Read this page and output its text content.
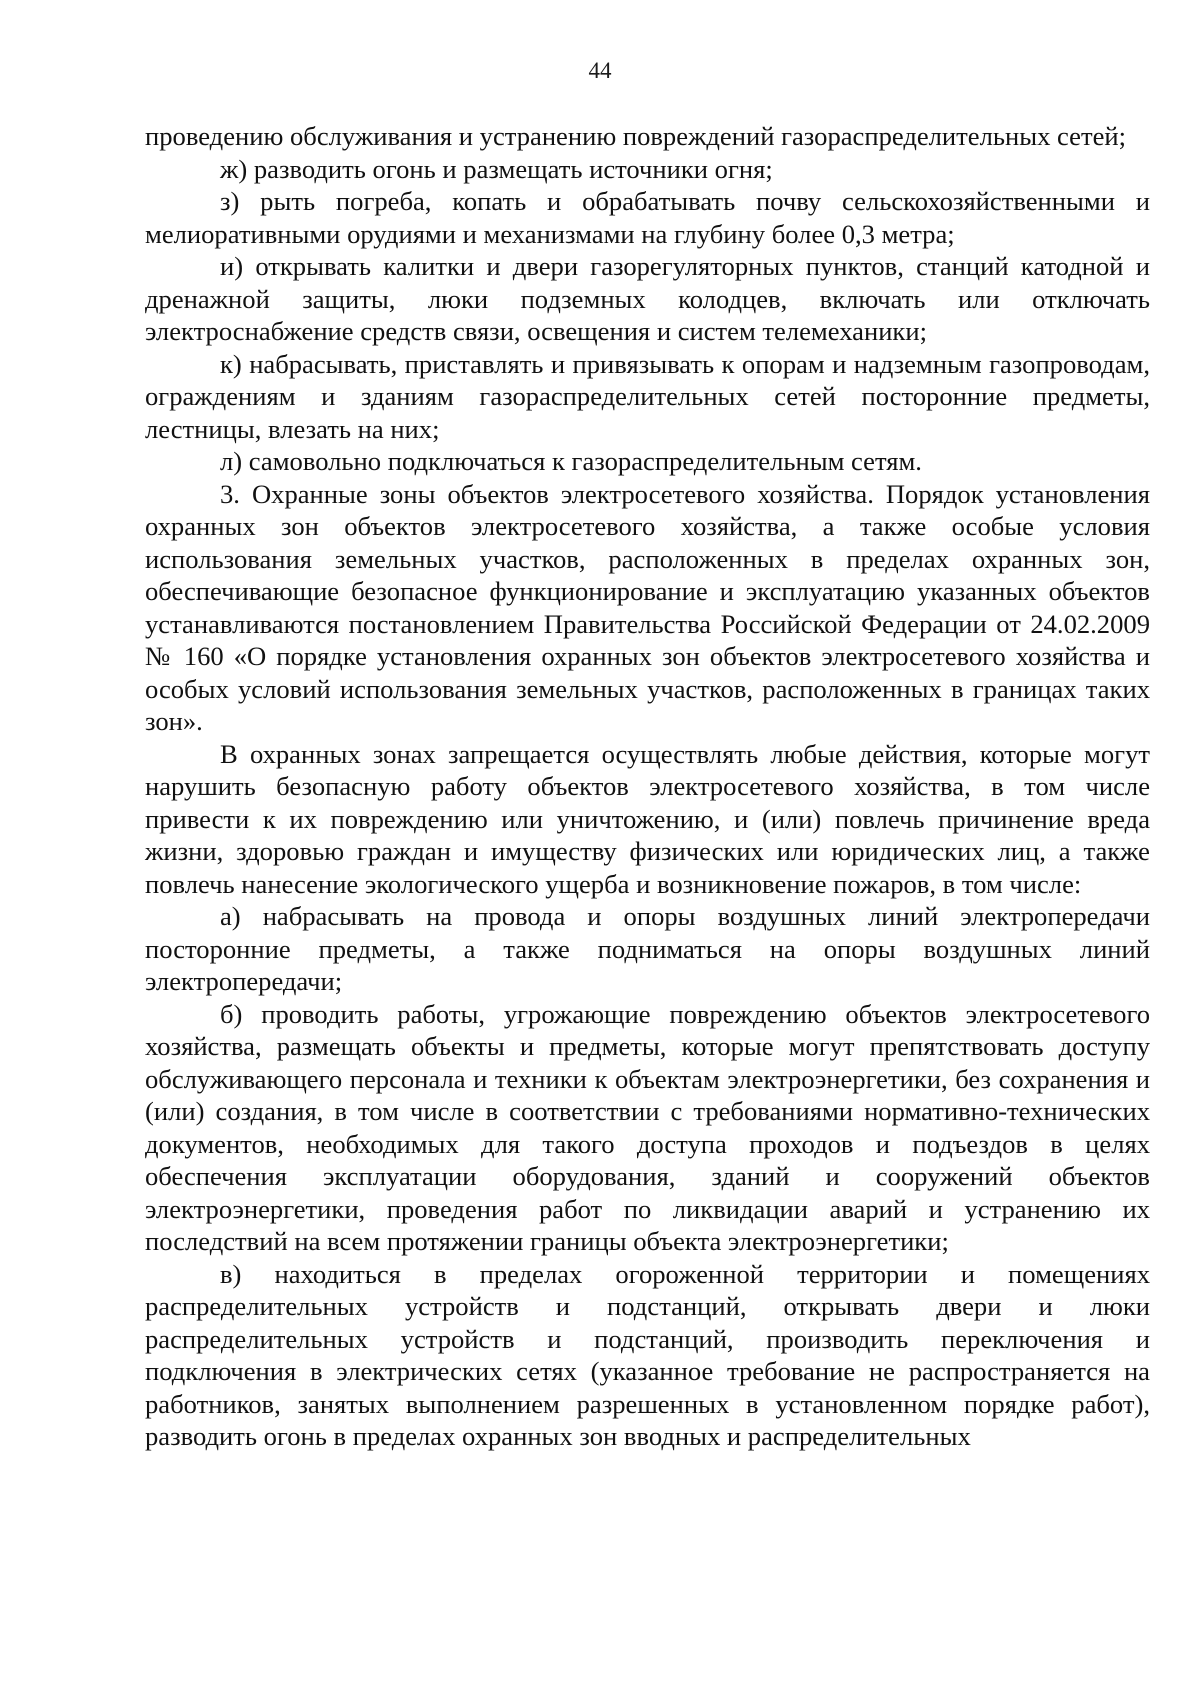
44

проведению обслуживания и устранению повреждений газораспределительных сетей;

ж) разводить огонь и размещать источники огня;

з) рыть погреба, копать и обрабатывать почву сельскохозяйственными и мелиоративными орудиями и механизмами на глубину более 0,3 метра;

и) открывать калитки и двери газорегуляторных пунктов, станций катодной и дренажной защиты, люки подземных колодцев, включать или отключать электроснабжение средств связи, освещения и систем телемеханики;

к) набрасывать, приставлять и привязывать к опорам и надземным газопроводам, ограждениям и зданиям газораспределительных сетей посторонние предметы, лестницы, влезать на них;

л) самовольно подключаться к газораспределительным сетям.

3. Охранные зоны объектов электросетевого хозяйства. Порядок установления охранных зон объектов электросетевого хозяйства, а также особые условия использования земельных участков, расположенных в пределах охранных зон, обеспечивающие безопасное функционирование и эксплуатацию указанных объектов устанавливаются постановлением Правительства Российской Федерации от 24.02.2009 № 160 «О порядке установления охранных зон объектов электросетевого хозяйства и особых условий использования земельных участков, расположенных в границах таких зон».

В охранных зонах запрещается осуществлять любые действия, которые могут нарушить безопасную работу объектов электросетевого хозяйства, в том числе привести к их повреждению или уничтожению, и (или) повлечь причинение вреда жизни, здоровью граждан и имуществу физических или юридических лиц, а также повлечь нанесение экологического ущерба и возникновение пожаров, в том числе:

а) набрасывать на провода и опоры воздушных линий электропередачи посторонние предметы, а также подниматься на опоры воздушных линий электропередачи;

б) проводить работы, угрожающие повреждению объектов электросетевого хозяйства, размещать объекты и предметы, которые могут препятствовать доступу обслуживающего персонала и техники к объектам электроэнергетики, без сохранения и (или) создания, в том числе в соответствии с требованиями нормативно-технических документов, необходимых для такого доступа проходов и подъездов в целях обеспечения эксплуатации оборудования, зданий и сооружений объектов электроэнергетики, проведения работ по ликвидации аварий и устранению их последствий на всем протяжении границы объекта электроэнергетики;

в) находиться в пределах огороженной территории и помещениях распределительных устройств и подстанций, открывать двери и люки распределительных устройств и подстанций, производить переключения и подключения в электрических сетях (указанное требование не распространяется на работников, занятых выполнением разрешенных в установленном порядке работ), разводить огонь в пределах охранных зон вводных и распределительных
